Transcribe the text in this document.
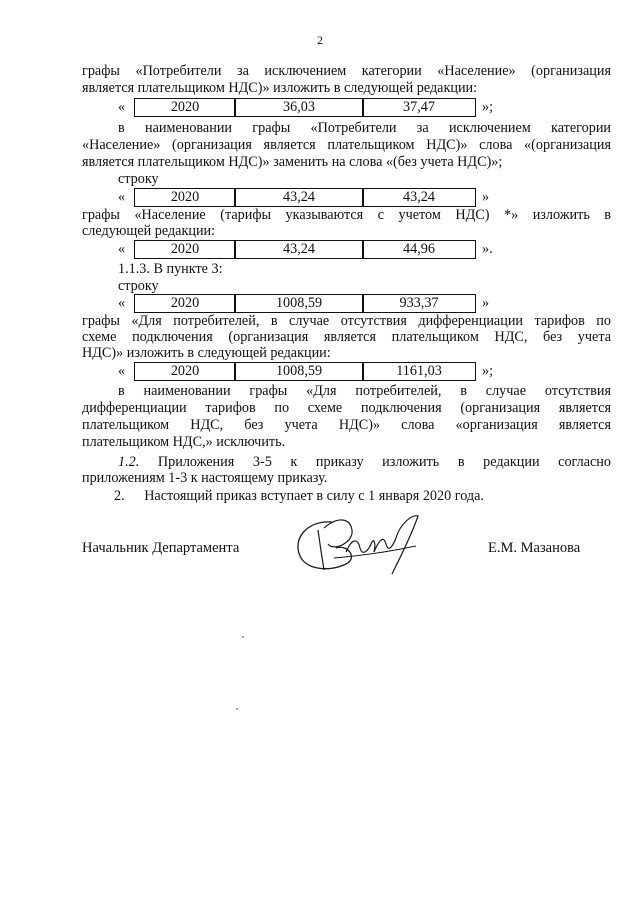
2
графы «Потребители за исключением категории «Население» (организация
является плательщиком НДС)» изложить в следующей редакции:
«	2020	36,03	37,47	»;
в наименовании графы «Потребители за исключением категории
«Население» (организация является плательщиком НДС)» слова «(организация
является плательщиком НДС)» заменить на слова «(без учета НДС)»;
строку
«	2020	43,24	43,24	»
графы «Население (тарифы указываются с учетом НДС) *» изложить в
следующей редакции:
«	2020	43,24	44,96	».
1.1.3. В пункте 3:
строку
«	2020	1008,59	933,37	»
графы «Для потребителей, в случае отсутствия дифференциации тарифов по
схеме подключения (организация является плательщиком НДС, без учета
НДС)» изложить в следующей редакции:
«	2020	1008,59	1161,03	»;
в наименовании графы «Для потребителей, в случае отсутствия
дифференциации тарифов по схеме подключения (организация является
плательщиком НДС, без учета НДС)» слова «организация является
плательщиком НДС,» исключить.
1.2. Приложения 3-5 к приказу изложить в редакции согласно
приложениям 1-3 к настоящему приказу.
2. Настоящий приказ вступает в силу с 1 января 2020 года.
Начальник Департамента	Е.М. Мазанова
